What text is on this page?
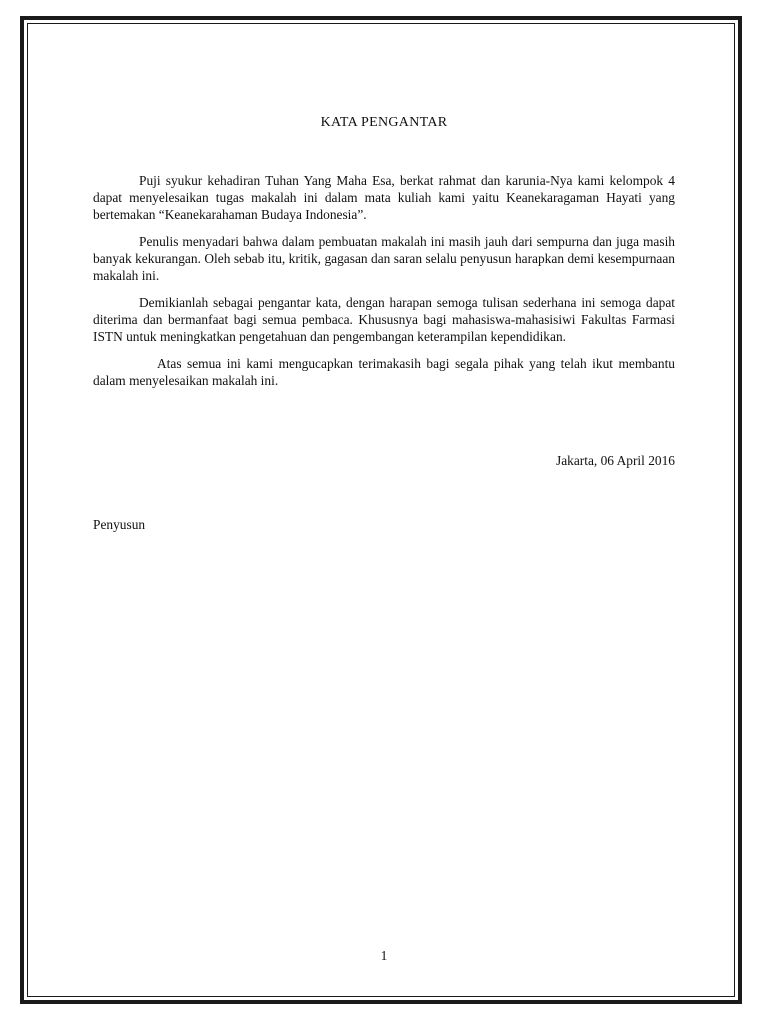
KATA PENGANTAR

Puji syukur kehadiran Tuhan Yang Maha Esa, berkat rahmat dan karunia-Nya kami kelompok 4 dapat menyelesaikan tugas makalah ini dalam mata kuliah kami yaitu Keanekaragaman Hayati yang bertemakan “Keanekarahaman Budaya Indonesia”.

Penulis menyadari bahwa dalam pembuatan makalah ini masih jauh dari sempurna dan juga masih banyak kekurangan. Oleh sebab itu, kritik, gagasan dan saran selalu penyusun harapkan demi kesempurnaan makalah ini.

Demikianlah sebagai pengantar kata, dengan harapan semoga tulisan sederhana ini semoga dapat diterima dan bermanfaat bagi semua pembaca. Khususnya bagi mahasiswa-mahasisiwi Fakultas Farmasi ISTN untuk meningkatkan pengetahuan dan pengembangan keterampilan kependidikan.

Atas semua ini kami mengucapkan terimakasih bagi segala pihak yang telah ikut membantu dalam menyelesaikan makalah ini.

Jakarta, 06 April 2016
Penyusun
1
